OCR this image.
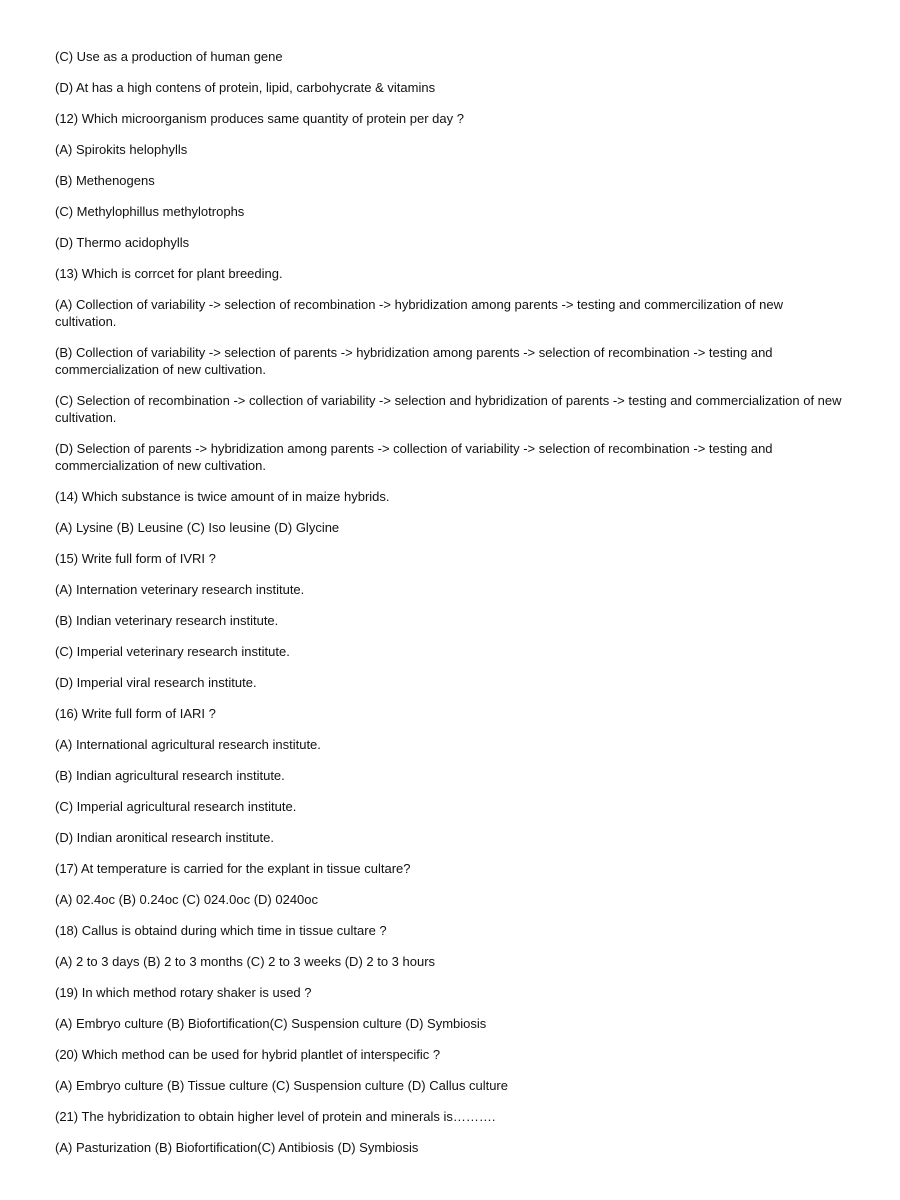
(C) Use as a production of human gene

(D) At has a high contens of protein, lipid, carbohycrate & vitamins

(12) Which microorganism produces same quantity of protein per day ?

(A) Spirokits helophylls

(B) Methenogens

(C) Methylophillus methylotrophs

(D) Thermo acidophylls

(13) Which is corrcet for plant breeding.

(A) Collection of variability -> selection of recombination -> hybridization among parents -> testing and commercilization of new cultivation.

(B) Collection of variability -> selection of parents -> hybridization among parents -> selection of recombination -> testing and commercialization of new cultivation.

(C) Selection of recombination -> collection of variability -> selection and hybridization of parents -> testing and commercialization of new cultivation.

(D) Selection of parents -> hybridization among parents -> collection of variability -> selection of recombination -> testing and commercialization of new cultivation.

(14) Which substance is twice amount of in maize hybrids.

(A) Lysine (B) Leusine (C) Iso leusine (D) Glycine

(15) Write full form of IVRI ?

(A) Internation veterinary research institute.

(B) Indian veterinary research institute.

(C) Imperial veterinary research institute.

(D) Imperial viral research institute.

(16) Write full form of IARI ?

(A) International agricultural research institute.

(B) Indian agricultural research institute.

(C) Imperial agricultural research institute.

(D) Indian aronitical research institute.

(17) At temperature is carried for the explant in tissue cultare?

(A) 02.4oc (B) 0.24oc (C) 024.0oc (D) 0240oc

(18) Callus is obtaind during which time in tissue cultare ?

(A) 2 to 3 days (B) 2 to 3 months (C) 2 to 3 weeks (D) 2 to 3 hours

(19) In which method rotary shaker is used ?

(A) Embryo culture (B) Biofortification(C) Suspension culture (D) Symbiosis

(20) Which method can be used for hybrid plantlet of interspecific ?

(A) Embryo culture (B) Tissue culture (C) Suspension culture (D) Callus culture

(21) The hybridization to obtain higher level of protein and minerals is……….

(A) Pasturization (B) Biofortification(C) Antibiosis (D) Symbiosis
